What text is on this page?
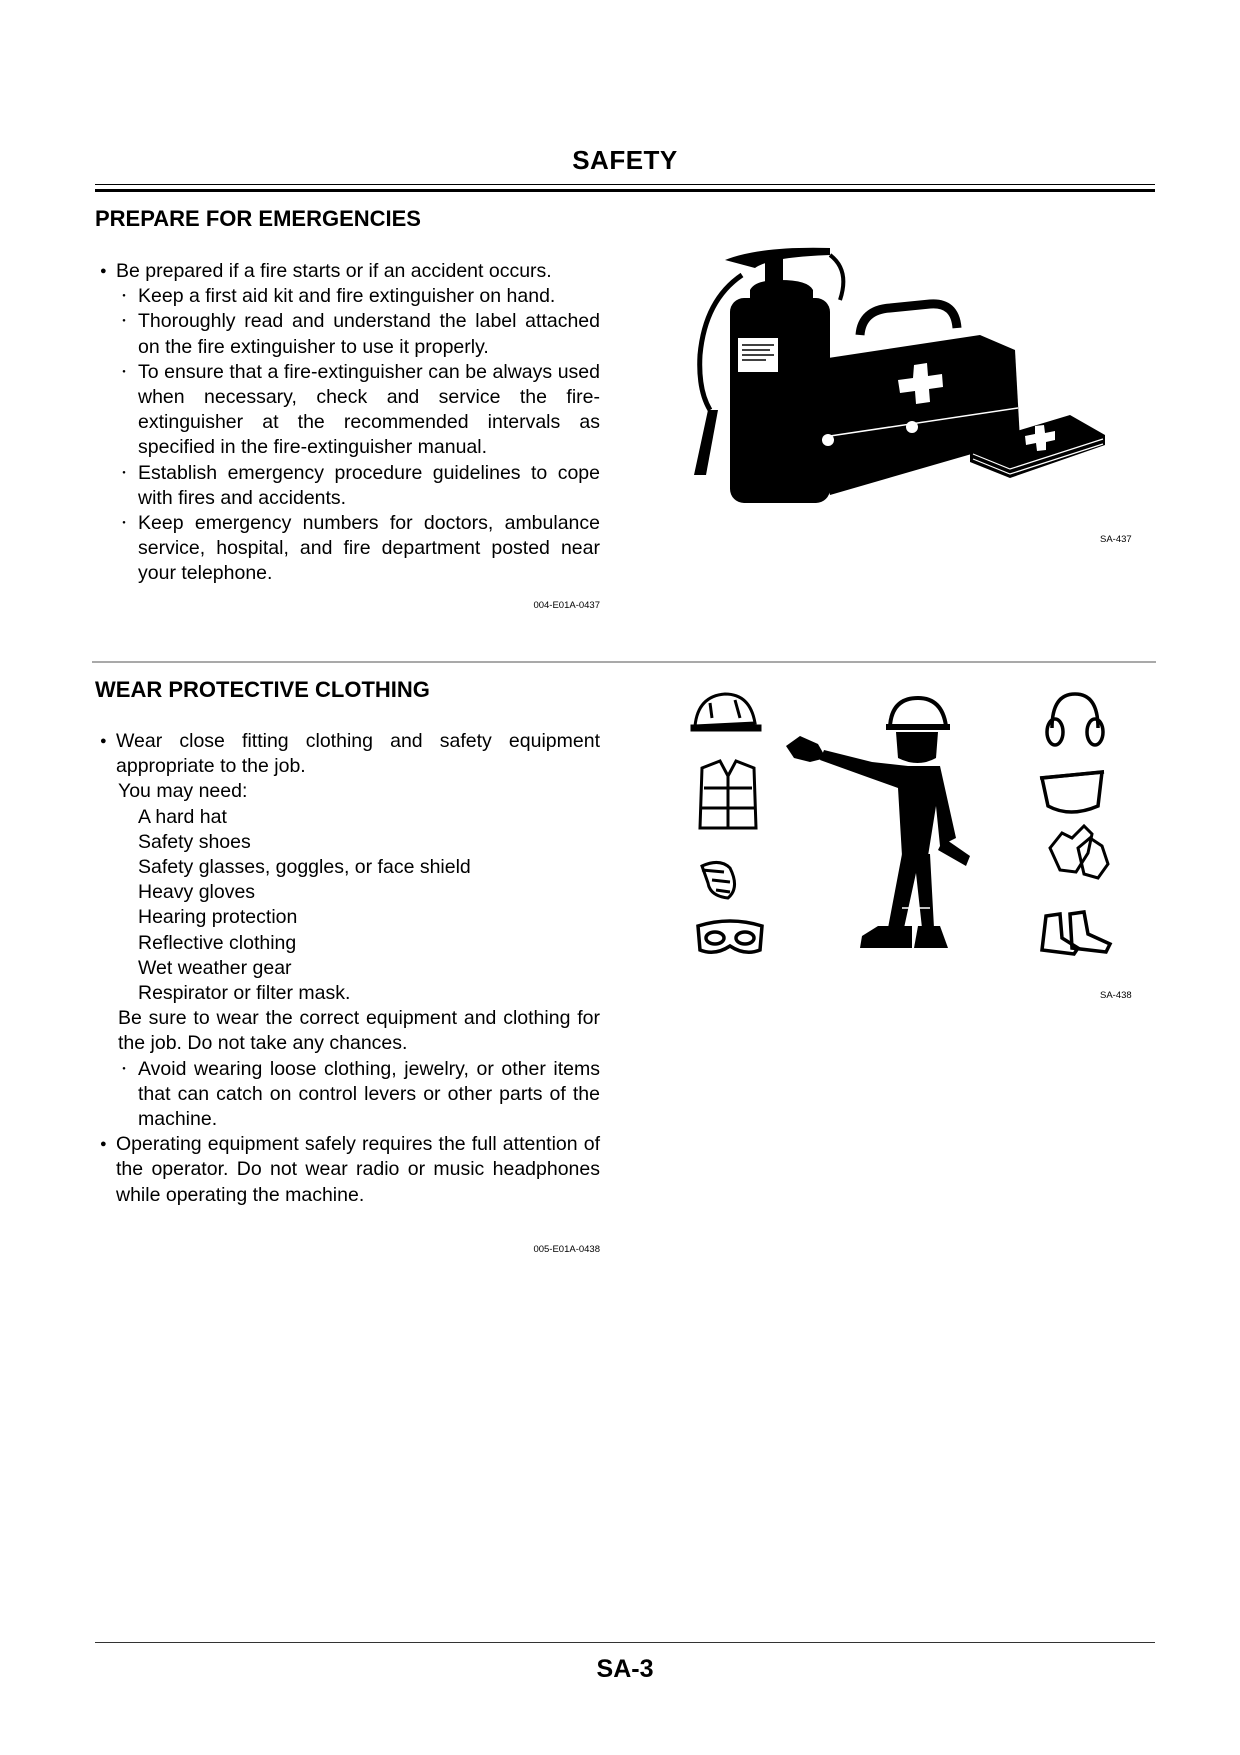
SAFETY
PREPARE FOR EMERGENCIES
● Be prepared if a fire starts or if an accident occurs.
・ Keep a first aid kit and fire extinguisher on hand.
・ Thoroughly read and understand the label attached on the fire extinguisher to use it properly.
・ To ensure that a fire-extinguisher can be always used when necessary, check and service the fire-extinguisher at the recommended intervals as specified in the fire-extinguisher manual.
・ Establish emergency procedure guidelines to cope with fires and accidents.
・ Keep emergency numbers for doctors, ambulance service, hospital, and fire department posted near your telephone.
004-E01A-0437
SA-437
WEAR PROTECTIVE CLOTHING
● Wear close fitting clothing and safety equipment appropriate to the job.
You may need:
A hard hat
Safety shoes
Safety glasses, goggles, or face shield
Heavy gloves
Hearing protection
Reflective clothing
Wet weather gear
Respirator or filter mask.
Be sure to wear the correct equipment and clothing for the job. Do not take any chances.
・ Avoid wearing loose clothing, jewelry, or other items that can catch on control levers or other parts of the machine.
● Operating equipment safely requires the full attention of the operator. Do not wear radio or music headphones while operating the machine.
005-E01A-0438
SA-438
SA-3
